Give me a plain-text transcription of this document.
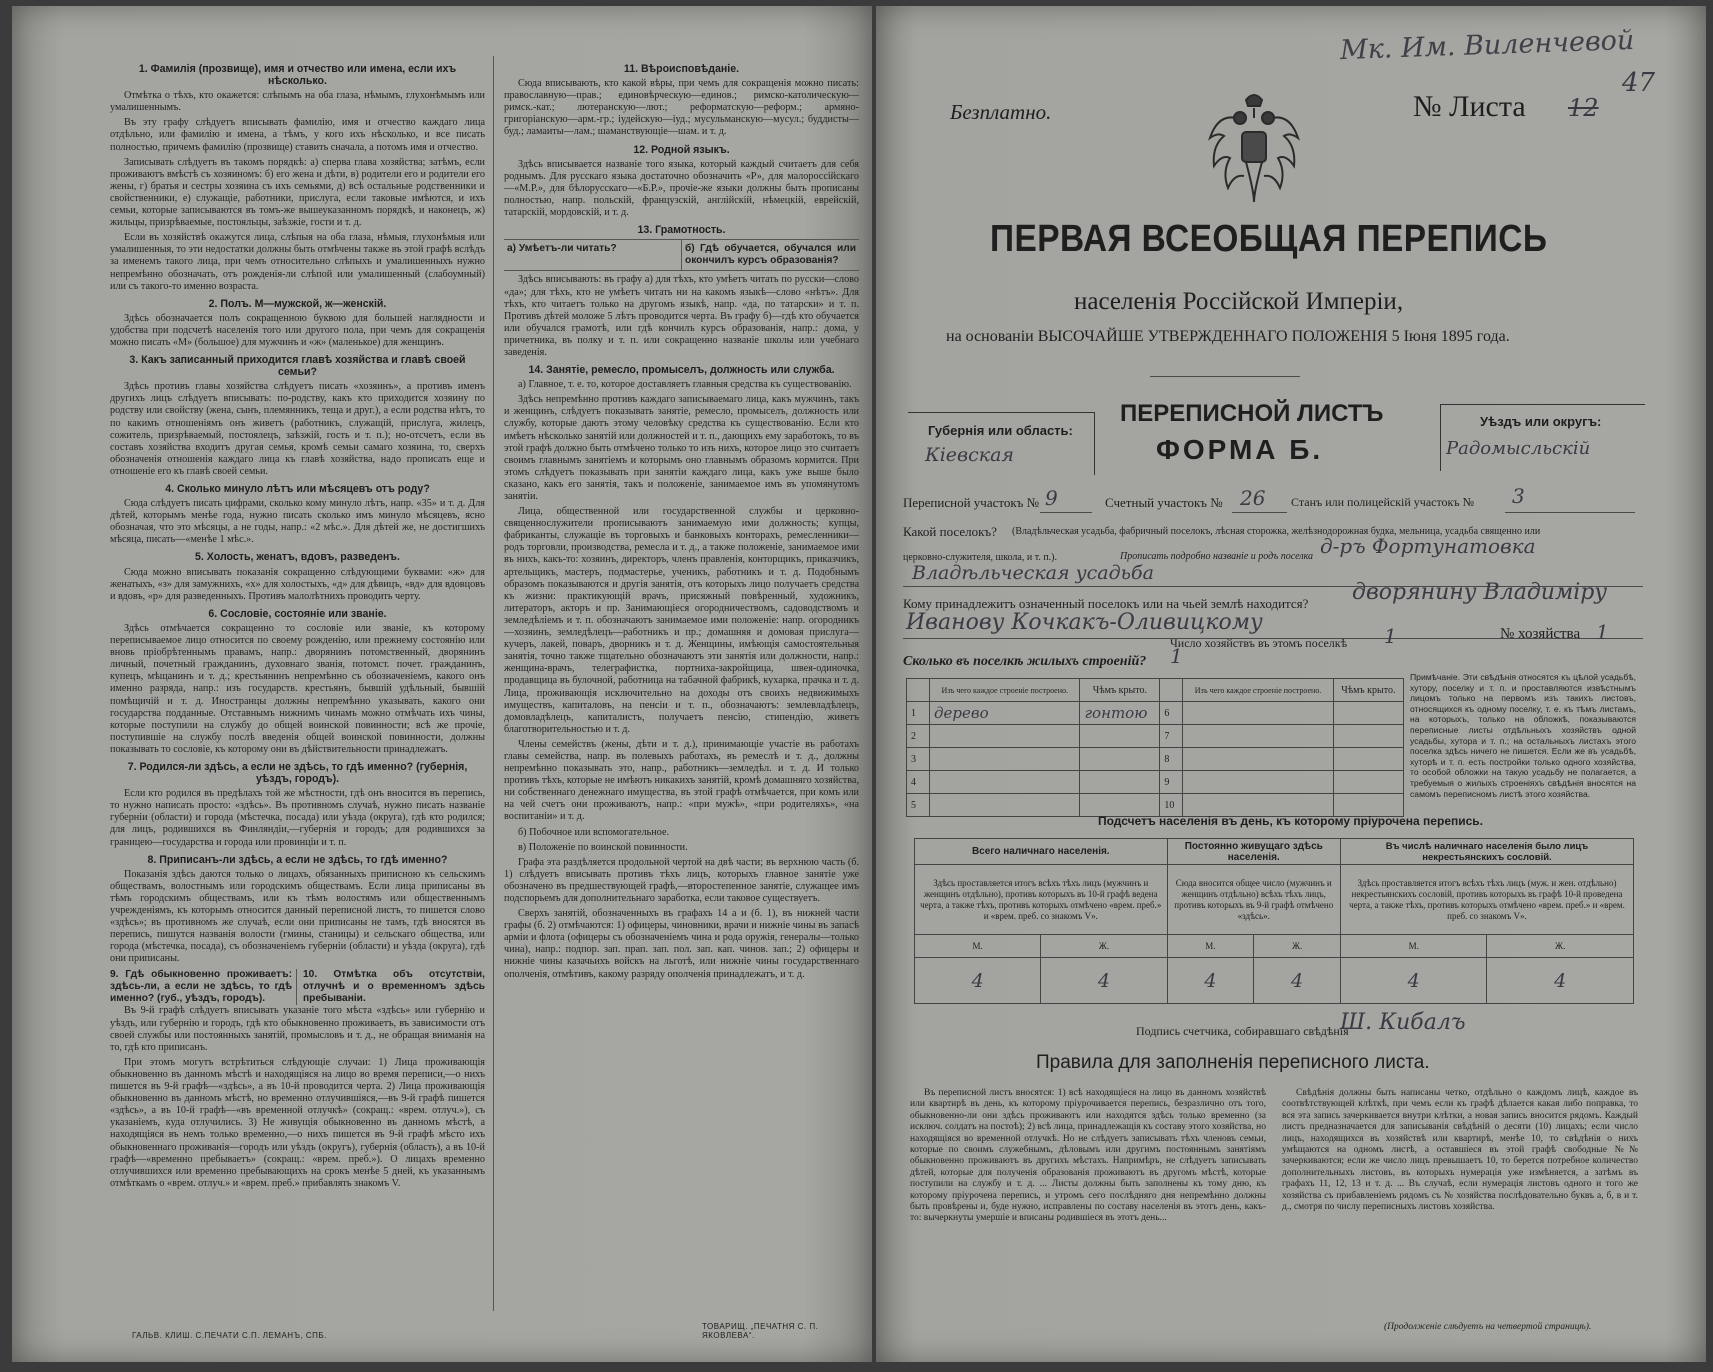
1. Фамилія (прозвище), имя и отчество или имена, если ихъ нѣсколько.

Отмѣтка о тѣхъ, кто окажется: слѣпымъ на оба глаза, нѣмымъ, глухонѣмымъ или умалишеннымъ.

Въ эту графу слѣдуетъ вписывать фамилію, имя и отчество каждаго лица отдѣльно, или фамилію и имена, а тѣмъ, у кого ихъ нѣсколько, и все писать полностью, причемъ фамилію (прозвище) ставить сначала, а потомъ имя и отчество.

Записывать слѣдуетъ въ такомъ порядкѣ: а) сперва глава хозяйства; затѣмъ, если проживаютъ вмѣстѣ съ хозяиномъ: б) его жена и дѣти, в) родители его и родители его жены, г) братья и сестры хозяина съ ихъ семьями, д) всѣ остальные родственники и свойственники, е) служащіе, работники, прислуга, если таковые имѣются, и ихъ семьи, которые записываются въ томъ-же вышеуказанномъ порядкѣ, и наконецъ, ж) жильцы, призрѣваемые, постояльцы, заѣзжіе, гости и т. д.

Если въ хозяйствѣ окажутся лица, слѣпыя на оба глаза, нѣмыя, глухонѣмыя или умалишенныя, то эти недостатки должны быть отмѣчены также въ этой графѣ вслѣдъ за именемъ такого лица, при чемъ относительно слѣпыхъ и умалишенныхъ нужно непремѣнно обозначать, отъ рожденія-ли слѣпой или умалишенный (слабоумный) или съ такого-то именно возраста.

2. Полъ. М—мужской, ж—женскій.

Здѣсь обозначается полъ сокращенною буквою для большей наглядности и удобства при подсчетѣ населенія того или другого пола, при чемъ для сокращенія можно писать «М» (большое) для мужчинъ и «ж» (маленькое) для женщинъ.

3. Какъ записанный приходится главѣ хозяйства и главѣ своей семьи?

Здѣсь противъ главы хозяйства слѣдуетъ писать «хозяинъ», а противъ именъ другихъ лицъ слѣдуетъ вписывать: по-родству, какъ кто приходится хозяину по родству или свойству (жена, сынъ, племянникъ, теща и друг.), а если родства нѣтъ, то по какимъ отношеніямъ онъ живетъ (работникъ, служащій, прислуга, жилецъ, сожитель, призрѣваемый, постоялецъ, заѣзжій, гость и т. п.); но-отсчетъ, если въ составъ хозяйства входитъ другая семья, кромѣ семьи самаго хозяина, то, сверхъ обозначенія отношенія каждаго лица къ главѣ хозяйства, надо прописать еще и отношеніе его къ главѣ своей семьи.

4. Сколько минуло лѣтъ или мѣсяцевъ отъ роду?

Сюда слѣдуетъ писать цифрами, сколько кому минуло лѣтъ, напр. «35» и т. д. Для дѣтей, которымъ менѣе года, нужно писать сколько имъ минуло мѣсяцевъ, ясно обозначая, что это мѣсяцы, а не годы, напр.: «2 мѣс.». Для дѣтей же, не достигшихъ мѣсяца, писать—«менѣе 1 мѣс.».

5. Холость, женатъ, вдовъ, разведенъ.

Сюда можно вписывать показанія сокращенно слѣдующими буквами: «ж» для женатыхъ, «з» для замужнихъ, «х» для холостыхъ, «д» для дѣвицъ, «вд» для вдовцовъ и вдовъ, «р» для разведенныхъ. Противъ малолѣтнихъ проводить черту.

6. Сословіе, состояніе или званіе.

Здѣсь отмѣчается сокращенно то сословіе или званіе, къ которому переписываемое лицо относится по своему рожденію, или прежнему состоянію или вновь пріобрѣтеннымъ правамъ, напр.: дворянинъ потомственный, дворянинъ личный, почетный гражданинъ, духовнаго званія, потомст. почет. гражданинъ, купецъ, мѣщанинъ и т. д.; крестьянинъ непремѣнно съ обозначеніемъ, какого онъ именно разряда, напр.: изъ государств. крестьянъ, бывшій удѣльный, бывшій помѣщичій и т. д. Иностранцы должны непремѣнно указывать, какого они государства подданные. Отставнымъ нижнимъ чинамъ можно отмѣчать ихъ чины, которые поступили на службу до общей воинской повинности; всѣ же прочіе, поступившіе на службу послѣ введенія общей воинской повинности, должны показывать то сословіе, къ которому они въ дѣйствительности принадлежатъ.

7. Родился-ли здѣсь, а если не здѣсь, то гдѣ именно? (губернія, уѣздъ, городъ).

Если кто родился въ предѣлахъ той же мѣстности, гдѣ онъ вносится въ перепись, то нужно написать просто: «здѣсь». Въ противномъ случаѣ, нужно писать названіе губерніи (области) и города (мѣстечка, посада) или уѣзда (округа), гдѣ кто родился; для лицъ, родившихся въ Финляндіи,—губернія и городъ; для родившихся за границею—государства и города или провинціи и т. п.

8. Приписанъ-ли здѣсь, а если не здѣсь, то гдѣ именно?

Показанія здѣсь даются только о лицахъ, обязанныхъ приписною къ сельскимъ обществамъ, волостнымъ или городскимъ обществамъ. Если лица приписаны въ тѣмъ городскимъ обществамъ, или къ тѣмъ волостямъ или общественнымъ учрежденіямъ, къ которымъ относится данный переписной листъ, то пишется слово «здѣсь»; въ противномъ же случаѣ, если они приписаны не тамъ, гдѣ вносятся въ перепись, пишутся названія волости (гмины, станицы) и сельскаго общества, или города (мѣстечка, посада), съ обозначеніемъ губерніи (области) и уѣзда (округа), гдѣ они приписаны.

9. Гдѣ обыкновенно проживаетъ: здѣсь-ли, а если не здѣсь, то гдѣ именно? (губ., уѣздъ, городъ).
10. Отмѣтка объ отсутствіи, отлучнѣ и о временномъ здѣсь пребываніи.

Въ 9-й графѣ слѣдуетъ вписывать указаніе того мѣста «здѣсь» или губернію и уѣздъ, или губернію и городъ, гдѣ кто обыкновенно проживаетъ, въ зависимости отъ своей службы или постоянныхъ занятій, промысловъ и т. д., не обращая вниманія на то, гдѣ кто приписанъ.

При этомъ могутъ встрѣтиться слѣдующіе случаи: 1) Лица проживающія обыкновенно въ данномъ мѣстѣ и находящіяся на лицо во время переписи,—о нихъ пишется въ 9-й графѣ—«здѣсь», а въ 10-й проводится черта. 2) Лица проживающія обыкновенно въ данномъ мѣстѣ, но временно отлучившіяся,—въ 9-й графѣ пишется «здѣсь», а въ 10-й графѣ—«въ временной отлучкѣ» (сокращ.: «врем. отлуч.»), съ указаніемъ, куда отлучились. 3) Не живущія обыкновенно въ данномъ мѣстѣ, а находящіяся въ немъ только временно,—о нихъ пишется въ 9-й графѣ мѣсто ихъ обыкновеннаго проживанія—городъ или уѣздъ (округъ), губернія (область), а въ 10-й графѣ—«временно пребываетъ» (сокращ.: «врем. преб.»). О лицахъ временно отлучившихся или временно пребывающихъ на срокъ менѣе 5 дней, къ указаннымъ отмѣткамъ о «врем. отлуч.» и «врем. преб.» прибавлять знакомъ V.

11. Вѣроисповѣданіе.

Сюда вписывають, кто какой вѣры, при чемъ для сокращенія можно писать: православную—прав.; единовѣрческую—единов.; римско-католическую—римск.-кат.; лютеранскую—лют.; реформатскую—реформ.; армяно-григоріанскую—арм.-гр.; іудейскую—іуд.; мусульманскую—мусул.; буддисты—буд.; ламаиты—лам.; шаманствующіе—шам. и т. д.

12. Родной языкъ.

Здѣсь вписывается названіе того языка, который каждый считаетъ для себя роднымъ. Для русскаго языка достаточно обозначить «Р», для малороссійскаго—«М.Р.», для бѣлорусскаго—«Б.Р.», прочіе-же языки должны быть прописаны полностью, напр. польскій, французскій, англійскій, нѣмецкій, еврейскій, татарскій, мордовскій, и т. д.

13. Грамотность.
а) Умѣетъ-ли читать?	б) Гдѣ обучается, обучался или окончилъ курсъ образованія?

Здѣсь вписывають: въ графу а) для тѣхъ, кто умѣетъ читать по русски—слово «да»; для тѣхъ, кто не умѣетъ читать ни на какомъ языкѣ—слово «нѣтъ». Для тѣхъ, кто читаетъ только на другомъ языкѣ, напр. «да, по татарски» и т. п. Противъ дѣтей моложе 5 лѣтъ проводится черта. Въ графу б)—гдѣ кто обучается или обучался грамотѣ, или гдѣ кончилъ курсъ образованія, напр.: дома, у причетника, въ полку и т. п. или сокращенно названіе школы или учебнаго заведенія.

14. Занятіе, ремесло, промыселъ, должность или служба.

а) Главное, т. е. то, которое доставляетъ главныя средства къ существованію.

Здѣсь непремѣнно противъ каждаго записываемаго лица, какъ мужчинъ, такъ и женщинъ, слѣдуетъ показывать занятіе, ремесло, промыселъ, должность или службу, которые даютъ этому человѣку средства къ существованію. Если кто имѣетъ нѣсколько занятій или должностей и т. п., дающихъ ему заработокъ, то въ этой графѣ должно быть отмѣчено только то изъ нихъ, которое лицо это считаетъ своимъ главнымъ занятіемъ и которымъ оно главнымъ образомъ кормится. При этомъ слѣдуетъ показывать при занятіи каждаго лица, какъ уже выше было сказано, какъ его занятія, такъ и положеніе, занимаемое имъ въ упомянутомъ занятіи.

Лица, общественной или государственной службы и церковно-священнослужители прописываютъ занимаемую ими должность; купцы, фабриканты, служащіе въ торговыхъ и банковыхъ конторахъ, ремесленники—родъ торговли, производства, ремесла и т. д., а также положеніе, занимаемое ими въ нихъ, какъ-то: хозяинъ, директоръ, членъ правленія, конторщикъ, приказчикъ, артельщикъ, мастеръ, подмастерье, ученикъ, работникъ и т. д. Подобнымъ образомъ показываются и другія занятія, отъ которыхъ лицо получаетъ средства къ жизни: практикующій врачъ, присяжный повѣренный, художникъ, литераторъ, акторъ и пр. Занимающіеся огородничествомъ, садоводствомъ и земледѣліемъ и т. п. обозначаютъ занимаемое ими положеніе: напр. огородникъ—хозяинъ, земледѣлецъ—работникъ и пр.; домашняя и домовая прислуга—кучеръ, лакей, поваръ, дворникъ и т. д. Женщины, имѣющія самостоятельныя занятія, точно также тщательно обозначаютъ эти занятія или должности, напр.: женщина-врачъ, телеграфистка, портниха-закройщица, швея-одиночка, продавщица въ булочной, работница на табачной фабрикѣ, кухарка, прачка и т. д. Лица, проживающія исключительно на доходы отъ своихъ недвижимыхъ имуществъ, капиталовъ, на пенсіи и т. п., обозначаютъ: землевладѣлецъ, домовладѣлецъ, капиталистъ, получаетъ пенсію, стипендію, живетъ благотворительностью и т. д.

Члены семействъ (жены, дѣти и т. д.), принимающіе участіе въ работахъ главы семейства, напр. въ полевыхъ работахъ, въ ремеслѣ и т. д., должны непремѣнно показывать это, напр., работникъ—земледѣл. и т. д. И только противъ тѣхъ, которые не имѣютъ никакихъ занятій, кромѣ домашняго хозяйства, ни собственнаго денежнаго имущества, въ этой графѣ отмѣчается, при комъ или на чей счетъ они проживаютъ, напр.: «при мужѣ», «при родителяхъ», «на воспитаніи» и т. д.

б) Побочное или вспомогательное.

в) Положеніе по воинской повинности.

Графа эта раздѣляется продольной чертой на двѣ части; въ верхнюю часть (б. 1) слѣдуетъ вписывать противъ тѣхъ лицъ, которыхъ главное занятіе уже обозначено въ предшествующей графѣ,—второстепенное занятіе, служащее имъ подспорьемъ для дополнительнаго заработка, если таковое существуетъ.

Сверхъ занятій, обозначенныхъ въ графахъ 14 а и (б. 1), въ нижней части графы (б. 2) отмѣчаются: 1) офицеры, чиновники, врачи и нижніе чины въ запасѣ арміи и флота (офицеры съ обозначеніемъ чина и рода оружія, генералы—только чина), напр.: подпор. зап. прап. зап. пол. зап. кап. чинов. зап.; 2) офицеры и нижніе чины казачьихъ войскъ на льготѣ, или нижніе чины государственнаго ополченія, отмѣтивъ, какому разряду ополченія принадлежатъ, и т. д.

ГАЛЬВ. КЛИШ. С.ПЕЧАТИ С.П. ЛЕМАНЪ, СПБ.
ТОВАРИЩ. „ПЕЧАТНЯ С. П. ЯКОВЛЕВА“.
Мк. Им. Виленчевой
47
Безплатно.	№ Листа 12
ПЕРВАЯ ВСЕОБЩАЯ ПЕРЕПИСЬ
населенія Россійской Имперіи,
на основаніи ВЫСОЧАЙШЕ УТВЕРЖДЕННАГО ПОЛОЖЕНІЯ 5 Іюня 1895 года.
Губернія или область:
Кіевская
ПЕРЕПИСНОЙ ЛИСТЪ
ФОРМА Б.
Уѣздъ или округъ:
Радомысльскій
Переписной участокъ № 9	Счетный участокъ № 26 Станъ или полицейскій участокъ № 3
Какой поселокъ? (Владѣльческая усадьба, фабричный поселокъ, лѣсная сторожка, желѣзнодорожная будка, мельница, усадьба священно или
церковно-служителя, школа, и т. п.).	Прописать подробно названіе и родъ поселка д-ръ Фортунатовка
Владѣльческая усадьба
Кому принадлежитъ означенный поселокъ или на чьей землѣ находится? дворянину Владиміру
Иванову Кочкакъ-Оливицкому
Число хозяйствъ въ этомъ поселкѣ 1	№ хозяйства 1
Сколько въ поселкѣ жилыхъ строеній? 1
	Изъ чего каждое строеніе построено.	Чѣмъ крыто.		Изъ чего каждое строеніе построено.	Чѣмъ крыто.
1	дерево	гонтою	6		
2			7		
3			8		
4			9		
5			10		
Примѣчаніе. Эти свѣдѣнія относятся къ цѣлой усадьбѣ, хутору, поселку и т. п. и проставляются извѣстнымъ лицомъ только на первомъ изъ такихъ листовъ, относящихся къ одному поселку, т. е. къ тѣмъ листамъ, на которыхъ, только на обложкѣ, показываются переписные листы отдѣльныхъ хозяйствъ одной усадьбы, хутора и т. п.; на остальныхъ листахъ этого поселка здѣсь ничего не пишется. Если же въ усадьбѣ, хуторѣ и т. п. есть постройки только одного хозяйства, то особой обложки на такую усадьбу не полагается, а требуемыя о жилыхъ строеніяхъ свѣдѣнія вносятся на самомъ переписномъ листѣ этого хозяйства.
Подсчетъ населенія въ день, къ которому пріурочена перепись.
Всего наличнаго населенія.		Постоянно живущаго здѣсь населенія.		Въ числѣ наличнаго населенія было лицъ некрестьянскихъ сословій.	
Здѣсь проставляется итогъ всѣхъ тѣхъ лицъ (мужчинъ и женщинъ отдѣльно), противъ которыхъ въ 10-й графѣ ведена черта, а также тѣхъ, противъ которыхъ отмѣчено «врем. преб.» и «врем. преб. со знакомъ V».		Сюда вносится общее число (мужчинъ и женщинъ отдѣльно) всѣхъ тѣхъ лицъ, противъ которыхъ въ 9-й графѣ отмѣчено «здѣсь».		Здѣсь проставляется итогъ всѣхъ тѣхъ лицъ (муж. и жен. отдѣльно) некрестьянскихъ сословій, противъ которыхъ въ графѣ 10-й проведена черта, а также тѣхъ, противъ которыхъ отмѣчено «врем. преб.» и «врем. преб. со знакомъ V».	
М.	Ж.	М.	Ж.	М.	Ж.
4	4	4	4	4	4
Подпись счетчика, собиравшаго свѣдѣнія
Ш. Кибалъ
Правила для заполненія переписного листа.
Въ переписной листъ вносятся: 1) всѣ находящіеся на лицо въ данномъ хозяйствѣ или квартирѣ въ день, къ которому пріурочивается перепись, безразлично отъ того, обыкновенно-ли они здѣсь проживаютъ или находятся здѣсь только временно (за исключ. солдатъ на постоѣ); 2) всѣ лица, принадлежащія къ составу этого хозяйства, но находящіяся во временной отлучкѣ. Но не слѣдуетъ записывать тѣхъ членовъ семьи, которые по своимъ служебнымъ, дѣловымъ или другимъ постояннымъ занятіямъ обыкновенно проживаютъ въ другихъ мѣстахъ. Напримѣръ, не слѣдуетъ записывать дѣтей, которые для полученія образованія проживаютъ въ другомъ мѣстѣ, которые поступили на службу и т. д. ... Листы должны быть заполнены къ тому дню, къ которому пріурочена перепись, и утромъ сего послѣдняго дня непремѣнно должны быть провѣрены и, буде нужно, исправлены по составу населенія въ этотъ день, какъ-то: вычеркнуты умершіе и вписаны родившіеся въ этотъ день...
Свѣдѣнія должны быть написаны четко, отдѣльно о каждомъ лицѣ, каждое въ соотвѣтствующей клѣткѣ, при чемъ если къ графѣ дѣлается какая либо поправка, то вся эта запись зачеркивается внутри клѣтки, а новая запись вносится рядомъ. Каждый листъ предназначается для записыванія свѣдѣній о десяти (10) лицахъ; если число лицъ, находящихся въ хозяйствѣ или квартирѣ, менѣе 10, то свѣдѣнія о нихъ умѣщаются на одномъ листѣ, а оставшіеся въ этой графѣ свободные №№ зачеркиваются; если же число лицъ превышаетъ 10, то берется потребное количество дополнительныхъ листовъ, въ которыхъ нумерація уже измѣняется, а затѣмъ въ графахъ 11, 12, 13 и т. д. ... Въ случаѣ, если нумерація листовъ одного и того же хозяйства съ прибавленіемъ рядомъ съ № хозяйства послѣдовательно буквъ а, б, в и т. д., смотря по числу переписныхъ листовъ хозяйства.
(Продолженіе слѣдуетъ на четвертой страницѣ).
